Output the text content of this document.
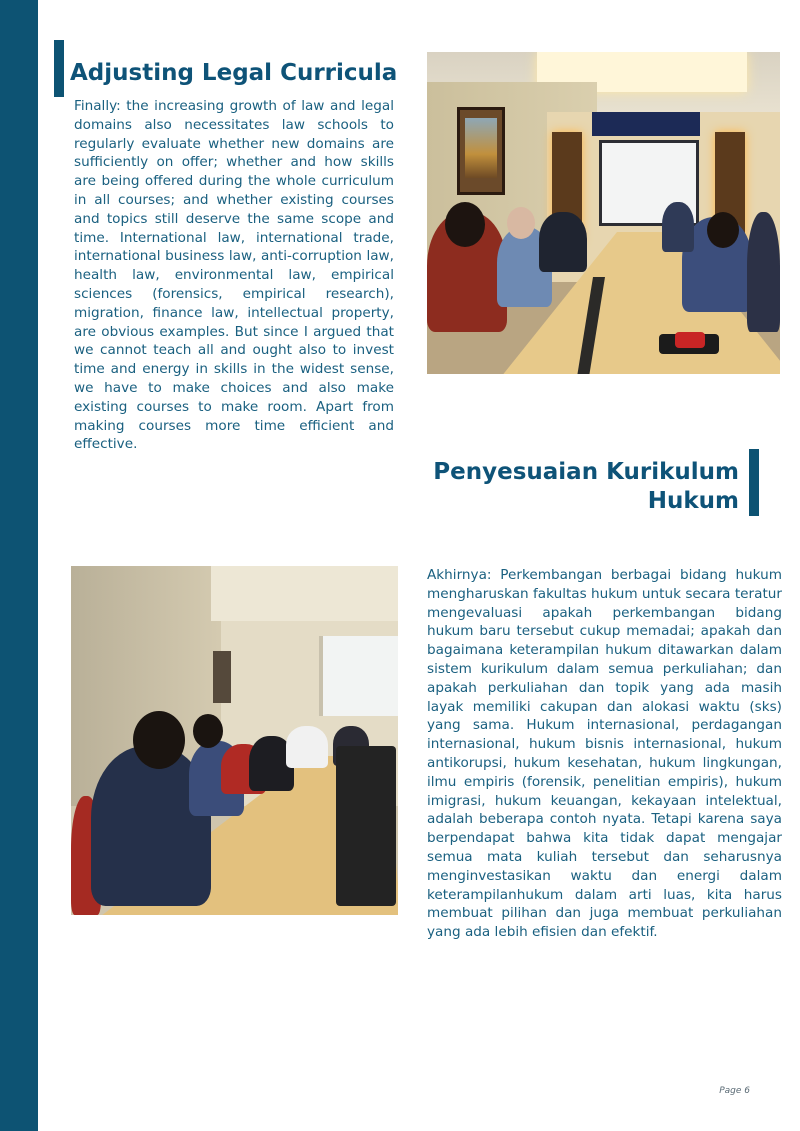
Adjusting Legal Curricula

Finally: the increasing growth of law and legal domains also necessitates law schools to regularly evaluate whether new domains are sufficiently on offer; whether and how skills are being offered during the whole curriculum in all courses; and whether existing courses and topics still deserve the same scope and time. International law, international trade, international business law, anti-corruption law, health law, environmental law, empirical sciences (forensics, empirical research), migration, finance law, intellectual property, are obvious examples. But since I argued that we cannot teach all and ought also to invest time and energy in skills in the widest sense, we have to make choices and also make existing courses to make room. Apart from making courses more time efficient and effective.

Penyesuaian Kurikulum
Hukum

Akhirnya: Perkembangan berbagai bidang hukum mengharuskan fakultas hukum untuk secara teratur mengevaluasi apakah perkembangan bidang hukum baru tersebut cukup memadai; apakah dan bagaimana keterampilan hukum ditawarkan dalam sistem kurikulum dalam semua perkuliahan; dan apakah perkuliahan dan topik yang ada masih layak memiliki cakupan dan alokasi waktu (sks) yang sama. Hukum internasional, perdagangan internasional, hukum bisnis internasional, hukum antikorupsi, hukum kesehatan, hukum lingkungan, ilmu empiris (forensik, penelitian empiris), hukum imigrasi, hukum keuangan, kekayaan intelektual, adalah beberapa contoh nyata. Tetapi karena saya berpendapat bahwa kita tidak dapat mengajar semua mata kuliah tersebut dan seharusnya menginvestasikan waktu dan energi dalam keterampilanhukum dalam arti luas, kita harus membuat pilihan dan juga membuat perkuliahan yang ada lebih efisien dan efektif.

Page 6
